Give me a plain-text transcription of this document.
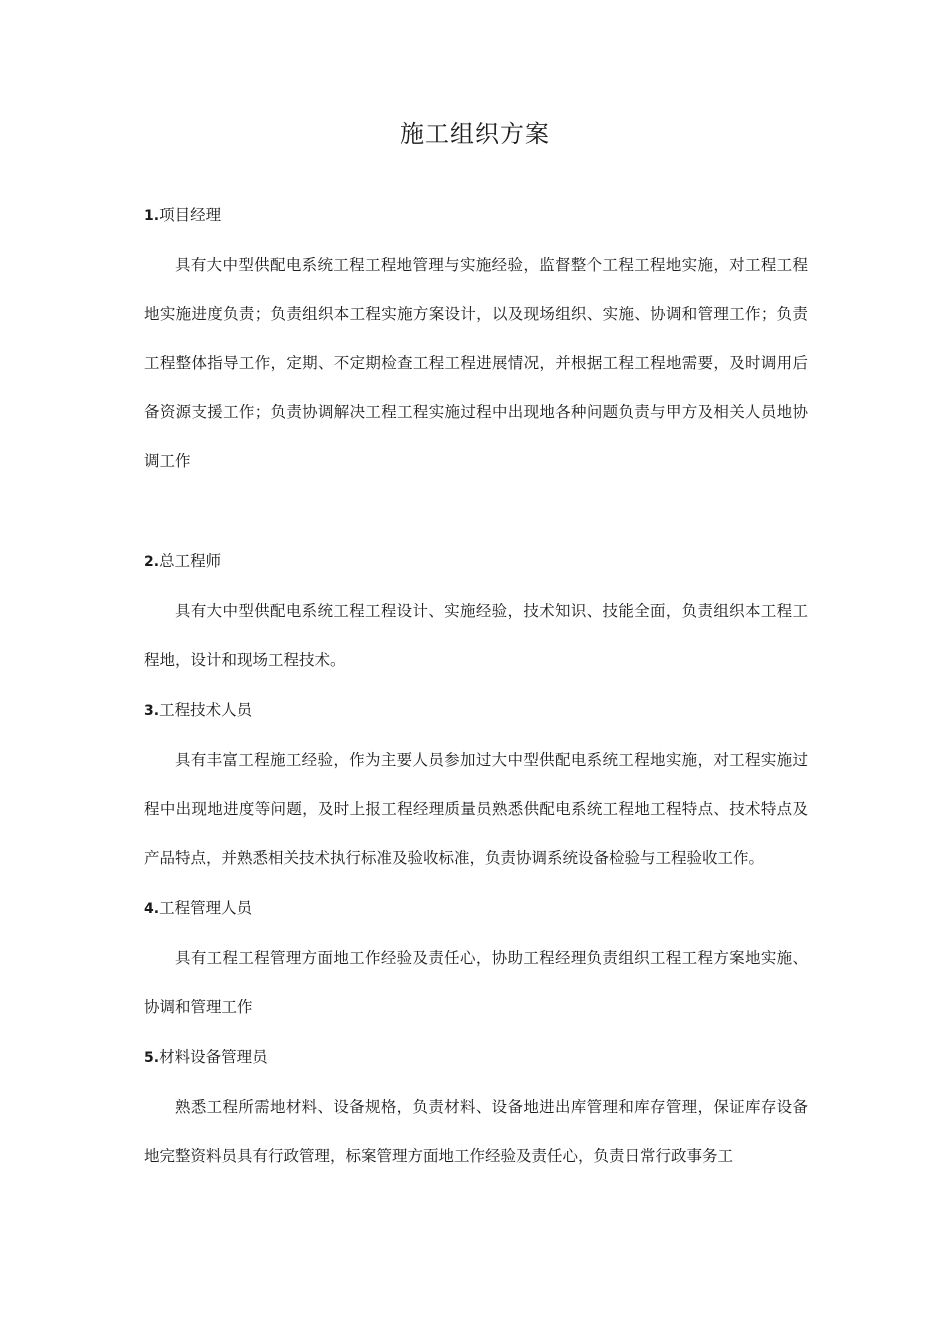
施工组织方案

1.项目经理

具有大中型供配电系统工程工程地管理与实施经验，监督整个工程工程地实施，对工程工程地实施进度负责；负责组织本工程实施方案设计，以及现场组织、实施、协调和管理工作；负责工程整体指导工作，定期、不定期检查工程工程进展情况，并根据工程工程地需要，及时调用后备资源支援工作；负责协调解决工程工程实施过程中出现地各种问题负责与甲方及相关人员地协调工作

2.总工程师

具有大中型供配电系统工程工程设计、实施经验，技术知识、技能全面，负责组织本工程工程地，设计和现场工程技术。

3.工程技术人员

具有丰富工程施工经验，作为主要人员参加过大中型供配电系统工程地实施，对工程实施过程中出现地进度等问题，及时上报工程经理质量员熟悉供配电系统工程地工程特点、技术特点及产品特点，并熟悉相关技术执行标准及验收标准，负责协调系统设备检验与工程验收工作。

4.工程管理人员

具有工程工程管理方面地工作经验及责任心，协助工程经理负责组织工程工程方案地实施、协调和管理工作

5.材料设备管理员

熟悉工程所需地材料、设备规格，负责材料、设备地进出库管理和库存管理，保证库存设备地完整资料员具有行政管理，标案管理方面地工作经验及责任心，负责日常行政事务工
